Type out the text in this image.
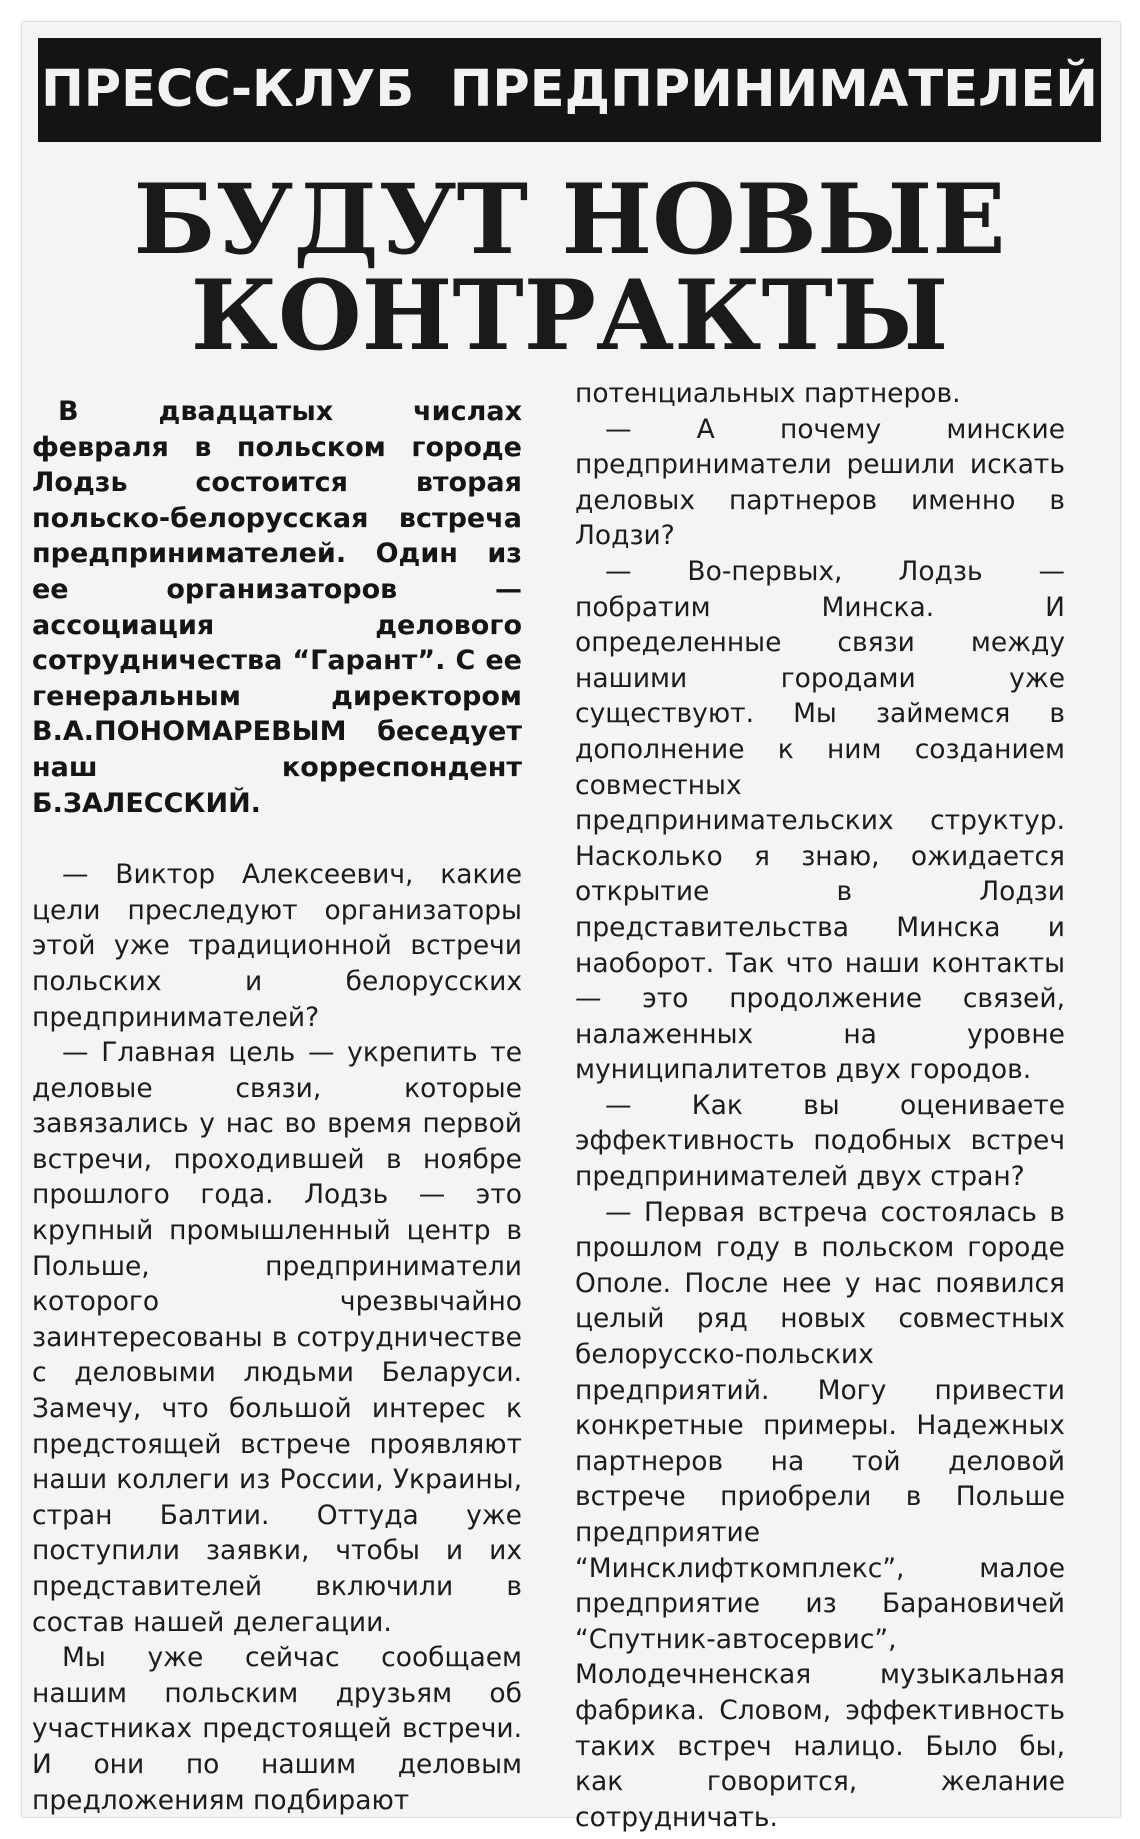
ПРЕСС-КЛУБ  ПРЕДПРИНИМАТЕЛЕЙ
БУДУТ НОВЫЕ
КОНТРАКТЫ

В двадцатых числах февраля в польском городе Лодзь состоится вторая польско-белорусская встреча предпринимателей. Один из ее организаторов — ассоциация делового сотрудничества “Гарант”. С ее генеральным директором В.А.ПОНОМАРЕВЫМ беседует наш корреспондент Б.ЗАЛЕССКИЙ.

— Виктор Алексеевич, какие цели преследуют организаторы этой уже традиционной встречи польских и белорусских предпринимателей?

— Главная цель — укрепить те деловые связи, которые завязались у нас во время первой встречи, проходившей в ноябре прошлого года. Лодзь — это крупный промышленный центр в Польше, предприниматели которого чрезвычайно заинтересованы в сотрудничестве с деловыми людьми Беларуси. Замечу, что большой интерес к предстоящей встрече проявляют наши коллеги из России, Украины, стран Балтии. Оттуда уже поступили заявки, чтобы и их представителей включили в состав нашей делегации.

Мы уже сейчас сообщаем нашим польским друзьям об участниках предстоящей встречи. И они по нашим деловым предложениям подбирают

потенциальных партнеров.

— А почему минские предприниматели решили искать деловых партнеров именно в Лодзи?

— Во-первых, Лодзь — побратим Минска. И определенные связи между нашими городами уже существуют. Мы займемся в дополнение к ним созданием совместных предпринимательских структур. Насколько я знаю, ожидается открытие в Лодзи представительства Минска и наоборот. Так что наши контакты — это продолжение связей, налаженных на уровне муниципалитетов двух городов.

— Как вы оцениваете эффективность подобных встреч предпринимателей двух стран?

— Первая встреча состоялась в прошлом году в польском городе Ополе. После нее у нас появился целый ряд новых совместных белорусско-польских предприятий. Могу привести конкретные примеры. Надежных партнеров на той деловой встрече приобрели в Польше предприятие “Минсклифткомплекс”, малое предприятие из Барановичей “Спутник-автосервис”, Молодечненская музыкальная фабрика. Словом, эффективность таких встреч налицо. Было бы, как говорится, желание сотрудничать.
